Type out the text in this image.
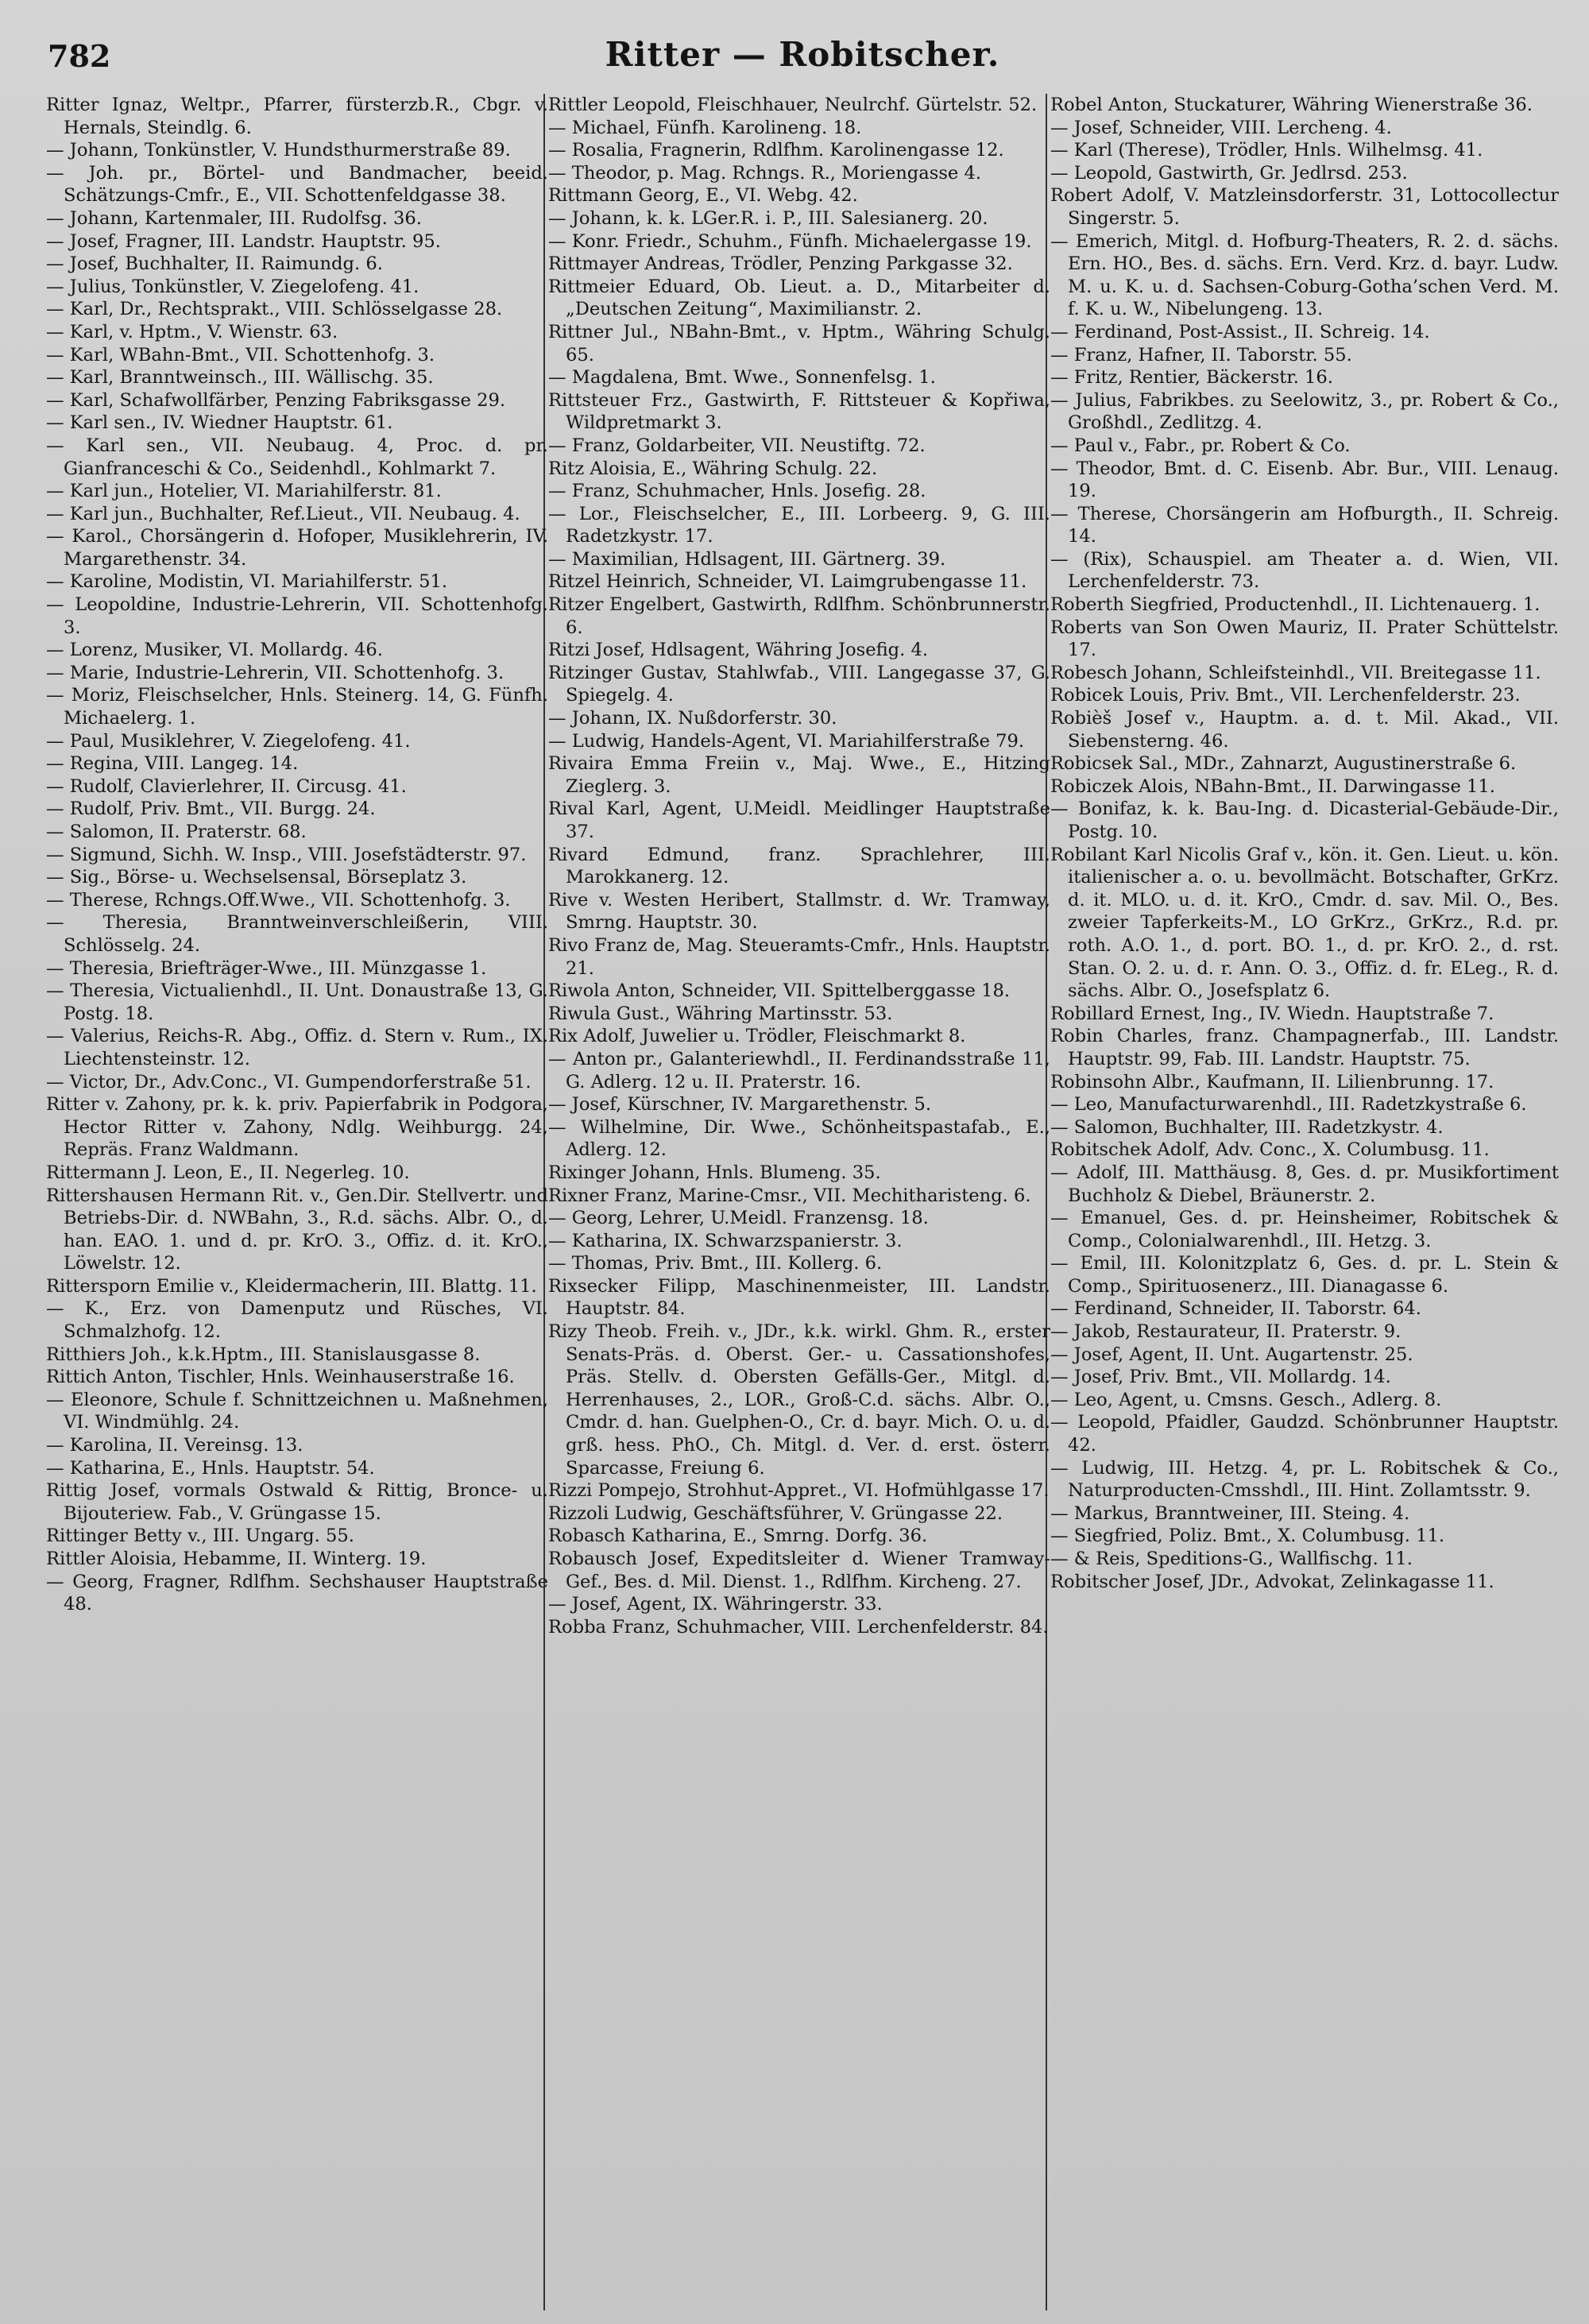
782	Ritter — Robitscher.

Ritter Ignaz, Weltpr., Pfarrer, fürsterzb.R., Cbgr. v. Hernals, Steindlg. 6.

— Johann, Tonkünstler, V. Hundsthurmerstraße 89.

— Joh. pr., Börtel- und Bandmacher, beeid. Schätzungs-Cmfr., E., VII. Schottenfeldgasse 38.

— Johann, Kartenmaler, III. Rudolfsg. 36.

— Josef, Fragner, III. Landstr. Hauptstr. 95.

— Josef, Buchhalter, II. Raimundg. 6.

— Julius, Tonkünstler, V. Ziegelofeng. 41.

— Karl, Dr., Rechtsprakt., VIII. Schlösselgasse 28.

— Karl, v. Hptm., V. Wienstr. 63.

— Karl, WBahn-Bmt., VII. Schottenhofg. 3.

— Karl, Branntweinsch., III. Wällischg. 35.

— Karl, Schafwollfärber, Penzing Fabriksgasse 29.

— Karl sen., IV. Wiedner Hauptstr. 61.

— Karl sen., VII. Neubaug. 4, Proc. d. pr. Gianfranceschi & Co., Seidenhdl., Kohlmarkt 7.

— Karl jun., Hotelier, VI. Mariahilferstr. 81.

— Karl jun., Buchhalter, Ref.Lieut., VII. Neubaug. 4.

— Karol., Chorsängerin d. Hofoper, Musiklehrerin, IV. Margarethenstr. 34.

— Karoline, Modistin, VI. Mariahilferstr. 51.

— Leopoldine, Industrie-Lehrerin, VII. Schottenhofg. 3.

— Lorenz, Musiker, VI. Mollardg. 46.

— Marie, Industrie-Lehrerin, VII. Schottenhofg. 3.

— Moriz, Fleischselcher, Hnls. Steinerg. 14, G. Fünfh. Michaelerg. 1.

— Paul, Musiklehrer, V. Ziegelofeng. 41.

— Regina, VIII. Langeg. 14.

— Rudolf, Clavierlehrer, II. Circusg. 41.

— Rudolf, Priv. Bmt., VII. Burgg. 24.

— Salomon, II. Praterstr. 68.

— Sigmund, Sichh. W. Insp., VIII. Josefstädterstr. 97.

— Sig., Börse- u. Wechselsensal, Börseplatz 3.

— Therese, Rchngs.Off.Wwe., VII. Schottenhofg. 3.

— Theresia, Branntweinverschleißerin, VIII. Schlösselg. 24.

— Theresia, Briefträger-Wwe., III. Münzgasse 1.

— Theresia, Victualienhdl., II. Unt. Donaustraße 13, G. Postg. 18.

— Valerius, Reichs-R. Abg., Offiz. d. Stern v. Rum., IX. Liechtensteinstr. 12.

— Victor, Dr., Adv.Conc., VI. Gumpendorferstraße 51.

Ritter v. Zahony, pr. k. k. priv. Papierfabrik in Podgora, Hector Ritter v. Zahony, Ndlg. Weihburgg. 24, Repräs. Franz Waldmann.

Rittermann J. Leon, E., II. Negerleg. 10.

Rittershausen Hermann Rit. v., Gen.Dir. Stellvertr. und Betriebs-Dir. d. NWBahn, 3., R.d. sächs. Albr. O., d. han. EAO. 1. und d. pr. KrO. 3., Offiz. d. it. KrO., Löwelstr. 12.

Rittersporn Emilie v., Kleidermacherin, III. Blattg. 11.

— K., Erz. von Damenputz und Rüsches, VI. Schmalzhofg. 12.

Ritthiers Joh., k.k.Hptm., III. Stanislausgasse 8.

Rittich Anton, Tischler, Hnls. Weinhauserstraße 16.

— Eleonore, Schule f. Schnittzeichnen u. Maßnehmen, VI. Windmühlg. 24.

— Karolina, II. Vereinsg. 13.

— Katharina, E., Hnls. Hauptstr. 54.

Rittig Josef, vormals Ostwald & Rittig, Bronce- u. Bijouteriew. Fab., V. Grüngasse 15.

Rittinger Betty v., III. Ungarg. 55.

Rittler Aloisia, Hebamme, II. Winterg. 19.

— Georg, Fragner, Rdlfhm. Sechshauser Hauptstraße 48.

Rittler Leopold, Fleischhauer, Neulrchf. Gürtelstr. 52.

— Michael, Fünfh. Karolineng. 18.

— Rosalia, Fragnerin, Rdlfhm. Karolinengasse 12.

— Theodor, p. Mag. Rchngs. R., Moriengasse 4.

Rittmann Georg, E., VI. Webg. 42.

— Johann, k. k. LGer.R. i. P., III. Salesianerg. 20.

— Konr. Friedr., Schuhm., Fünfh. Michaelergasse 19.

Rittmayer Andreas, Trödler, Penzing Parkgasse 32.

Rittmeier Eduard, Ob. Lieut. a. D., Mitarbeiter d. „Deutschen Zeitung“, Maximilianstr. 2.

Rittner Jul., NBahn-Bmt., v. Hptm., Währing Schulg. 65.

— Magdalena, Bmt. Wwe., Sonnenfelsg. 1.

Rittsteuer Frz., Gastwirth, F. Rittsteuer & Kopřiwa, Wildpretmarkt 3.

— Franz, Goldarbeiter, VII. Neustiftg. 72.

Ritz Aloisia, E., Währing Schulg. 22.

— Franz, Schuhmacher, Hnls. Josefig. 28.

— Lor., Fleischselcher, E., III. Lorbeerg. 9, G. III. Radetzkystr. 17.

— Maximilian, Hdlsagent, III. Gärtnerg. 39.

Ritzel Heinrich, Schneider, VI. Laimgrubengasse 11.

Ritzer Engelbert, Gastwirth, Rdlfhm. Schönbrunnerstr. 6.

Ritzi Josef, Hdlsagent, Währing Josefig. 4.

Ritzinger Gustav, Stahlwfab., VIII. Langegasse 37, G. Spiegelg. 4.

— Johann, IX. Nußdorferstr. 30.

— Ludwig, Handels-Agent, VI. Mariahilferstraße 79.

Rivaira Emma Freiin v., Maj. Wwe., E., Hitzing Zieglerg. 3.

Rival Karl, Agent, U.Meidl. Meidlinger Hauptstraße 37.

Rivard Edmund, franz. Sprachlehrer, III. Marokkanerg. 12.

Rive v. Westen Heribert, Stallmstr. d. Wr. Tramway, Smrng. Hauptstr. 30.

Rivo Franz de, Mag. Steueramts-Cmfr., Hnls. Hauptstr. 21.

Riwola Anton, Schneider, VII. Spittelberggasse 18.

Riwula Gust., Währing Martinsstr. 53.

Rix Adolf, Juwelier u. Trödler, Fleischmarkt 8.

— Anton pr., Galanteriewhdl., II. Ferdinandsstraße 11, G. Adlerg. 12 u. II. Praterstr. 16.

— Josef, Kürschner, IV. Margarethenstr. 5.

— Wilhelmine, Dir. Wwe., Schönheitspastafab., E., Adlerg. 12.

Rixinger Johann, Hnls. Blumeng. 35.

Rixner Franz, Marine-Cmsr., VII. Mechitharisteng. 6.

— Georg, Lehrer, U.Meidl. Franzensg. 18.

— Katharina, IX. Schwarzspanierstr. 3.

— Thomas, Priv. Bmt., III. Kollerg. 6.

Rixsecker Filipp, Maschinenmeister, III. Landstr. Hauptstr. 84.

Rizy Theob. Freih. v., JDr., k.k. wirkl. Ghm. R., erster Senats-Präs. d. Oberst. Ger.- u. Cassationshofes, Präs. Stellv. d. Obersten Gefälls-Ger., Mitgl. d. Herrenhauses, 2., LOR., Groß-C.d. sächs. Albr. O., Cmdr. d. han. Guelphen-O., Cr. d. bayr. Mich. O. u. d. grß. hess. PhO., Ch. Mitgl. d. Ver. d. erst. österr. Sparcasse, Freiung 6.

Rizzi Pompejo, Strohhut-Appret., VI. Hofmühlgasse 17.

Rizzoli Ludwig, Geschäftsführer, V. Grüngasse 22.

Robasch Katharina, E., Smrng. Dorfg. 36.

Robausch Josef, Expeditsleiter d. Wiener Tramway-Gef., Bes. d. Mil. Dienst. 1., Rdlfhm. Kircheng. 27.

— Josef, Agent, IX. Währingerstr. 33.

Robba Franz, Schuhmacher, VIII. Lerchenfelderstr. 84.

Robel Anton, Stuckaturer, Währing Wienerstraße 36.

— Josef, Schneider, VIII. Lercheng. 4.

— Karl (Therese), Trödler, Hnls. Wilhelmsg. 41.

— Leopold, Gastwirth, Gr. Jedlrsd. 253.

Robert Adolf, V. Matzleinsdorferstr. 31, Lottocollectur Singerstr. 5.

— Emerich, Mitgl. d. Hofburg-Theaters, R. 2. d. sächs. Ern. HO., Bes. d. sächs. Ern. Verd. Krz. d. bayr. Ludw. M. u. K. u. d. Sachsen-Coburg-Gotha’schen Verd. M. f. K. u. W., Nibelungeng. 13.

— Ferdinand, Post-Assist., II. Schreig. 14.

— Franz, Hafner, II. Taborstr. 55.

— Fritz, Rentier, Bäckerstr. 16.

— Julius, Fabrikbes. zu Seelowitz, 3., pr. Robert & Co., Großhdl., Zedlitzg. 4.

— Paul v., Fabr., pr. Robert & Co.

— Theodor, Bmt. d. C. Eisenb. Abr. Bur., VIII. Lenaug. 19.

— Therese, Chorsängerin am Hofburgth., II. Schreig. 14.

— (Rix), Schauspiel. am Theater a. d. Wien, VII. Lerchenfelderstr. 73.

Roberth Siegfried, Productenhdl., II. Lichtenauerg. 1.

Roberts van Son Owen Mauriz, II. Prater Schüttelstr. 17.

Robesch Johann, Schleifsteinhdl., VII. Breitegasse 11.

Robicek Louis, Priv. Bmt., VII. Lerchenfelderstr. 23.

Robièš Josef v., Hauptm. a. d. t. Mil. Akad., VII. Siebensterng. 46.

Robicsek Sal., MDr., Zahnarzt, Augustinerstraße 6.

Robiczek Alois, NBahn-Bmt., II. Darwingasse 11.

— Bonifaz, k. k. Bau-Ing. d. Dicasterial-Gebäude-Dir., Postg. 10.

Robilant Karl Nicolis Graf v., kön. it. Gen. Lieut. u. kön. italienischer a. o. u. bevollmächt. Botschafter, GrKrz. d. it. MLO. u. d. it. KrO., Cmdr. d. sav. Mil. O., Bes. zweier Tapferkeits-M., LO GrKrz., GrKrz., R.d. pr. roth. A.O. 1., d. port. BO. 1., d. pr. KrO. 2., d. rst. Stan. O. 2. u. d. r. Ann. O. 3., Offiz. d. fr. ELeg., R. d. sächs. Albr. O., Josefsplatz 6.

Robillard Ernest, Ing., IV. Wiedn. Hauptstraße 7.

Robin Charles, franz. Champagnerfab., III. Landstr. Hauptstr. 99, Fab. III. Landstr. Hauptstr. 75.

Robinsohn Albr., Kaufmann, II. Lilienbrunng. 17.

— Leo, Manufacturwarenhdl., III. Radetzkystraße 6.

— Salomon, Buchhalter, III. Radetzkystr. 4.

Robitschek Adolf, Adv. Conc., X. Columbusg. 11.

— Adolf, III. Matthäusg. 8, Ges. d. pr. Musikfortiment Buchholz & Diebel, Bräunerstr. 2.

— Emanuel, Ges. d. pr. Heinsheimer, Robitschek & Comp., Colonialwarenhdl., III. Hetzg. 3.

— Emil, III. Kolonitzplatz 6, Ges. d. pr. L. Stein & Comp., Spirituosenerz., III. Dianagasse 6.

— Ferdinand, Schneider, II. Taborstr. 64.

— Jakob, Restaurateur, II. Praterstr. 9.

— Josef, Agent, II. Unt. Augartenstr. 25.

— Josef, Priv. Bmt., VII. Mollardg. 14.

— Leo, Agent, u. Cmsns. Gesch., Adlerg. 8.

— Leopold, Pfaidler, Gaudzd. Schönbrunner Hauptstr. 42.

— Ludwig, III. Hetzg. 4, pr. L. Robitschek & Co., Naturproducten-Cmsshdl., III. Hint. Zollamtsstr. 9.

— Markus, Branntweiner, III. Steing. 4.

— Siegfried, Poliz. Bmt., X. Columbusg. 11.

— & Reis, Speditions-G., Wallfischg. 11.

Robitscher Josef, JDr., Advokat, Zelinkagasse 11.
